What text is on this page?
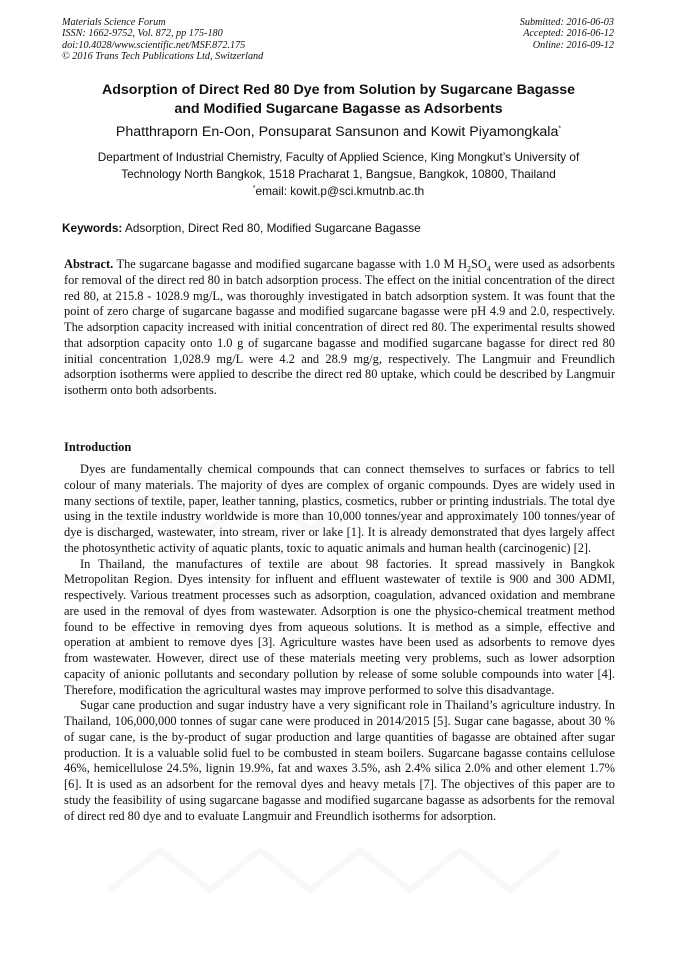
Materials Science Forum
ISSN: 1662-9752, Vol. 872, pp 175-180
doi:10.4028/www.scientific.net/MSF.872.175
© 2016 Trans Tech Publications Ltd, Switzerland
Submitted: 2016-06-03
Accepted: 2016-06-12
Online: 2016-09-12
Adsorption of Direct Red 80 Dye from Solution by Sugarcane Bagasse
and Modified Sugarcane Bagasse as Adsorbents
Phatthraporn En-Oon, Ponsuparat Sansunon and Kowit Piyamongkala*
Department of Industrial Chemistry, Faculty of Applied Science, King Mongkut’s University of
Technology North Bangkok, 1518 Pracharat 1, Bangsue, Bangkok, 10800, Thailand
*email: kowit.p@sci.kmutnb.ac.th
Keywords: Adsorption, Direct Red 80, Modified Sugarcane Bagasse
Abstract. The sugarcane bagasse and modified sugarcane bagasse with 1.0 M $H_2SO_4$ were used as adsorbents for removal of the direct red 80 in batch adsorption process. The effect on the initial concentration of the direct red 80, at 215.8 - 1028.9 mg/L, was thoroughly investigated in batch adsorption system. It was fount that the point of zero charge of sugarcane bagasse and modified sugarcane bagasse were pH 4.9 and 2.0, respectively. The adsorption capacity increased with initial concentration of direct red 80. The experimental results showed that adsorption capacity onto 1.0 g of sugarcane bagasse and modified sugarcane bagasse for direct red 80 initial concentration 1,028.9 mg/L were 4.2 and 28.9 mg/g, respectively. The Langmuir and Freundlich adsorption isotherms were applied to describe the direct red 80 uptake, which could be described by Langmuir isotherm onto both adsorbents.
Introduction

Dyes are fundamentally chemical compounds that can connect themselves to surfaces or fabrics to tell colour of many materials. The majority of dyes are complex of organic compounds. Dyes are widely used in many sections of textile, paper, leather tanning, plastics, cosmetics, rubber or printing industrials. The total dye using in the textile industry worldwide is more than 10,000 tonnes/year and approximately 100 tonnes/year of dye is discharged, wastewater, into stream, river or lake [1]. It is already demonstrated that dyes largely affect the photosynthetic activity of aquatic plants, toxic to aquatic animals and human health (carcinogenic) [2].

In Thailand, the manufactures of textile are about 98 factories. It spread massively in Bangkok Metropolitan Region. Dyes intensity for influent and effluent wastewater of textile is 900 and 300 ADMI, respectively. Various treatment processes such as adsorption, coagulation, advanced oxidation and membrane are used in the removal of dyes from wastewater. Adsorption is one the physico-chemical treatment method found to be effective in removing dyes from aqueous solutions. It is method as a simple, effective and operation at ambient to remove dyes [3]. Agriculture wastes have been used as adsorbents to remove dyes from wastewater. However, direct use of these materials meeting very problems, such as lower adsorption capacity of anionic pollutants and secondary pollution by release of some soluble compounds into water [4]. Therefore, modification the agricultural wastes may improve performed to solve this disadvantage.

Sugar cane production and sugar industry have a very significant role in Thailand’s agriculture industry. In Thailand, 106,000,000 tonnes of sugar cane were produced in 2014/2015 [5]. Sugar cane bagasse, about 30 % of sugar cane, is the by-product of sugar production and large quantities of bagasse are obtained after sugar production. It is a valuable solid fuel to be combusted in steam boilers. Sugarcane bagasse contains cellulose 46%, hemicellulose 24.5%, lignin 19.9%, fat and waxes 3.5%, ash 2.4% silica 2.0% and other element 1.7% [6]. It is used as an adsorbent for the removal dyes and heavy metals [7]. The objectives of this paper are to study the feasibility of using sugarcane bagasse and modified sugarcane bagasse as adsorbents for the removal of direct red 80 dye and to evaluate Langmuir and Freundlich isotherms for adsorption.
